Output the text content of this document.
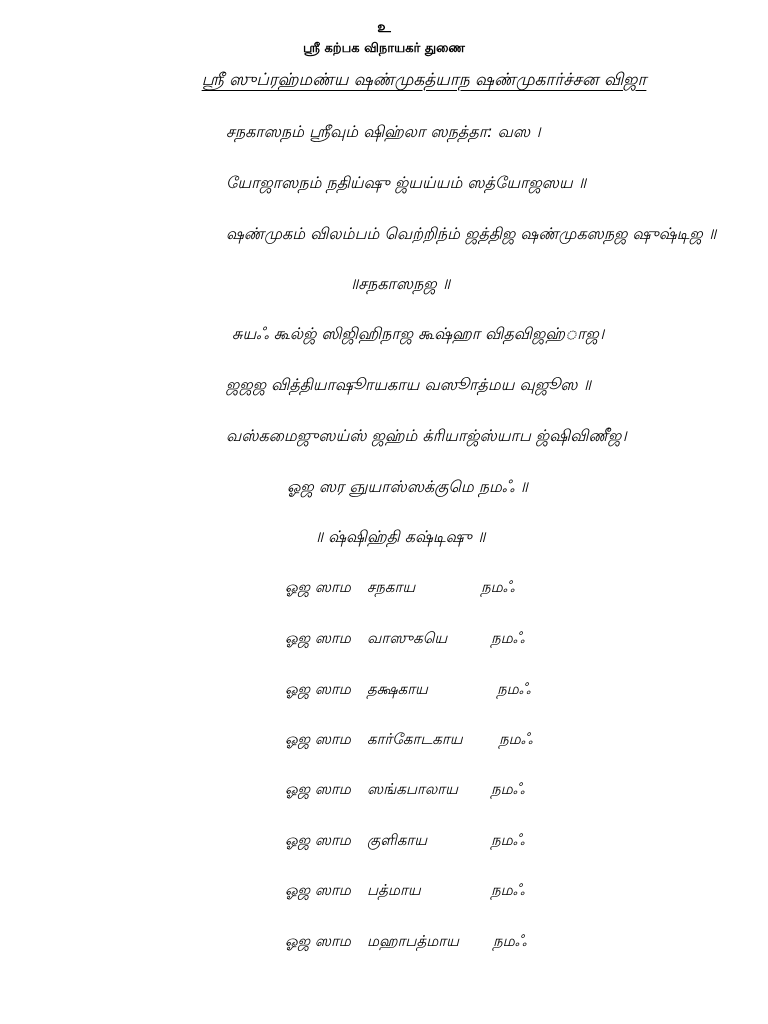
உ
ஸ்ரீ கற்பக விநாயகர் துணை
ஸ்ரீ ஸுப்ரஹ்மண்ய ஷண்முகத்யாந ஷண்முகார்ச்சன விஜா
சநகாஸநம் ஸ்ரீவும் ஷிஹ்லா ஸநத்தா: வஸ ।
யோஜாஸநம் நதிய்ஷு ஜ்யய்யம் ஸத்யோஜஸய ॥
ஷண்முகம் விலம்பம் வெற்றிந்ம் ஜத்திஜ ஷண்முகஸநஜ ஷுஷ்டிஜ ॥
॥சநகாஸநஜ ॥
சுயஃ கூல்ஜ் ஸிஜிஹிநாஜ கூஷ்ஹா விதவிஜஹ்ாஜ।
ஜஜஜ வித்தியாஷூாயகாய வஸூாத்மய வுஜூஸ ॥
வஸ்கமைஜுஸய்ஸ் ஜஹ்ம் க்ரியாஜ்ஸ்யாப ஜ்ஷிவிணீஜ।
ஓஜ ஸர ஞுயாஸ்ஸக்குமெ நமஃ ॥
॥ ஷ்ஷிஹ்தி கஷ்டிஷு ॥
ஓஜ ஸாம சநகாய	நமஃ
ஓஜ ஸாம வாஸுகயெ	நமஃ
ஓஜ ஸாம தக்ஷகாய	நமஃ
ஓஜ ஸாம கார்கோடகாய நமஃ
ஓஜ ஸாம ஸங்கபாலாய நமஃ
ஓஜ ஸாம குளிகாய	நமஃ
ஓஜ ஸாம பத்மாய	நமஃ
ஓஜ ஸாம மஹாபத்மாய நமஃ
